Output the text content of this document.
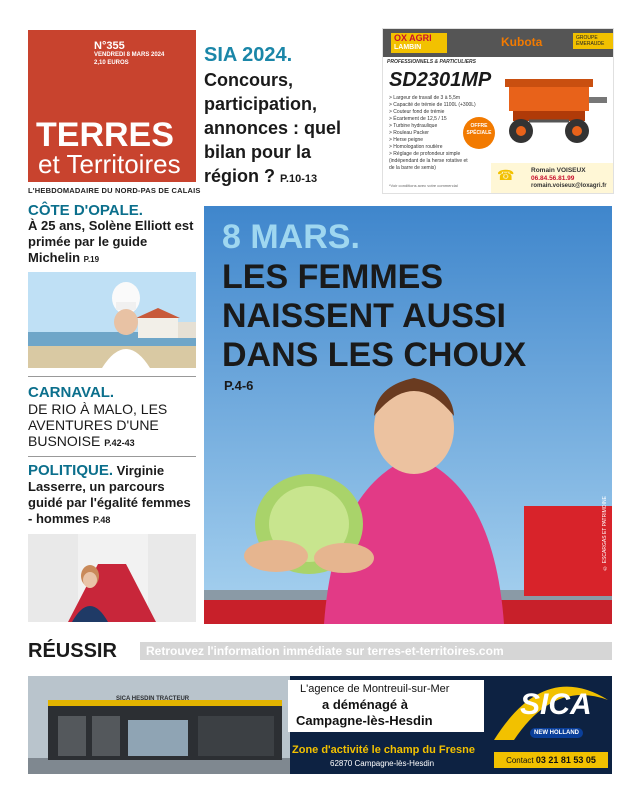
N°355
VENDREDI 8 MARS 2024
2,10 EUROS
TERRES
et Territoires
L'HEBDOMADAIRE DU NORD-PAS DE CALAIS
SIA 2024.
Concours, participation, annonces : quel bilan pour la région ? P.10-13
OX AGRI
LAMBIN	Kubota	GROUPE ÉMERAUDE
PROFESSIONNELS & PARTICULIERS
SD2301MP
> Largeur de travail de 3 à 5,5m
> Capacité de trémie de 1100L (+300L)
> Couteur fond de trémie
> Écartement de 12,5 / 15
> Turbine hydraulique
> Rouleau Packer
> Herse peigne
> Homologation routière
> Réglage de profondeur simple (indépendant de la herse rotative et de la barre de semis)
OFFRE SPÉCIALE
☎	Romain VOISEUX
06.84.56.81.99
romain.voiseux@loxagri.fr
*Voir conditions avec votre commercial
CÔTE D'OPALE.
À 25 ans, Solène Elliott est primée par le guide Michelin P.19
CARNAVAL.
DE RIO À MALO, LES AVENTURES D'UNE BUSNOISE P.42-43
POLITIQUE. Virginie Lasserre, un parcours guidé par l'égalité femmes - hommes P.48
8 MARS.
LES FEMMES NAISSENT AUSSI DANS LES CHOUX
P.4-6
© ESCARGAS ET PATRIMOINE
RÉUSSIR	Retrouvez l'information immédiate sur terres-et-territoires.com
SICA HESDIN TRACTEUR
L'agence de Montreuil-sur-Mer
a déménagé à
Campagne-lès-Hesdin
Zone d'activité le champ du Fresne
62870 Campagne-lès-Hesdin
SICA
NEW HOLLAND
Contact 03 21 81 53 05
